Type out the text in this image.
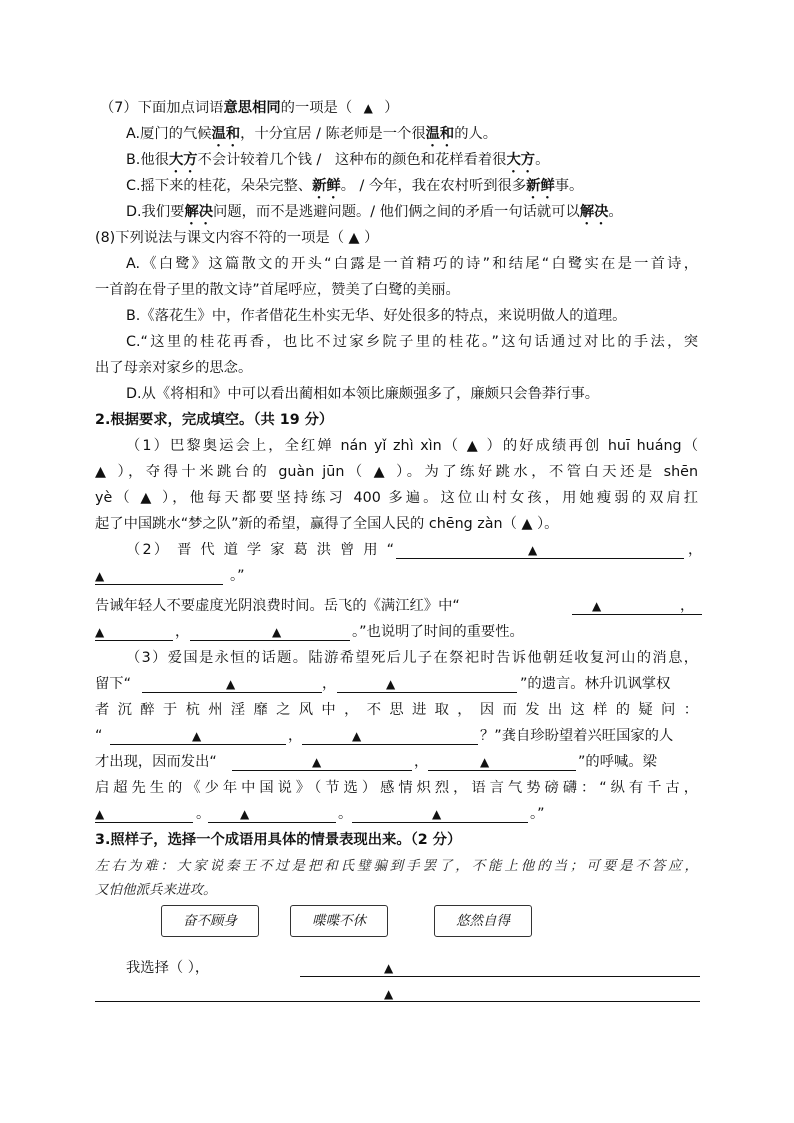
（7）下面加点词语意思相同的一项是（   ▲   ）
A.厦门的气候温和，十分宜居 / 陈老师是一个很温和的人。
B.他很大方不会计较着几个钱 /   这种布的颜色和花样看着很大方。
C.摇下来的桂花，朵朵完整、新鲜。 / 今年，我在农村听到很多新鲜事。
D.我们要解决问题，而不是逃避问题。/ 他们俩之间的矛盾一句话就可以解决。
(8)下列说法与课文内容不符的一项是（ ▲ ）
A.《白鹭》这篇散文的开头“白露是一首精巧的诗”和结尾“白鹭实在是一首诗，
一首韵在骨子里的散文诗”首尾呼应，赞美了白鹭的美丽。
B.《落花生》中，作者借花生朴实无华、好处很多的特点，来说明做人的道理。
C.“这里的桂花再香，也比不过家乡院子里的桂花。”这句话通过对比的手法，突
出了母亲对家乡的思念。
D.从《将相和》中可以看出蔺相如本领比廉颇强多了，廉颇只会鲁莽行事。
2.根据要求，完成填空。（共 19 分）
（1）巴黎奥运会上，全红婵 nán yǐ zhì xìn（ ▲ ）的好成绩再创 huī huáng（
▲ ），夺得十米跳台的 guàn jūn（ ▲ ）。为了练好跳水，不管白天还是 shēn
yè（ ▲ ），他每天都要坚持练习 400 多遍。这位山村女孩，用她瘦弱的双肩扛
起了中国跳水“梦之队”新的希望，赢得了全国人民的 chēng zàn（ ▲ ）。
（2） 晋 代 道 学 家 葛 洪 曾 用 “	▲	，
▲	。”
告诫年轻人不要虚度光阴浪费时间。岳飞的《满江红》中“	▲	，
▲	，	▲	。”也说明了时间的重要性。
（3）爱国是永恒的话题。陆游希望死后儿子在祭祀时告诉他朝廷收复河山的消息，
留下“	▲	，	▲	”的遗言。林升讥讽掌权
者 沉 醉 于 杭 州 淫 靡 之 风 中 ， 不 思 进 取 ， 因 而 发 出 这 样 的 疑 问 ：
“	▲	，	▲	？”龚自珍盼望着兴旺国家的人
才出现，因而发出“	▲	，	▲	”的呼喊。梁
启超先生的《少年中国说》（节选）感情炽烈，语言气势磅礴：“纵有千古，
▲	。 ▲	。	▲	。”
3.照样子，选择一个成语用具体的情景表现出来。（2 分）
左右为难：大家说秦王不过是把和氏璧骗到手罢了，不能上他的当；可要是不答应，
又怕他派兵来进攻。
奋不顾身	喋喋不休	悠然自得
我选择（ ），	▲
▲
